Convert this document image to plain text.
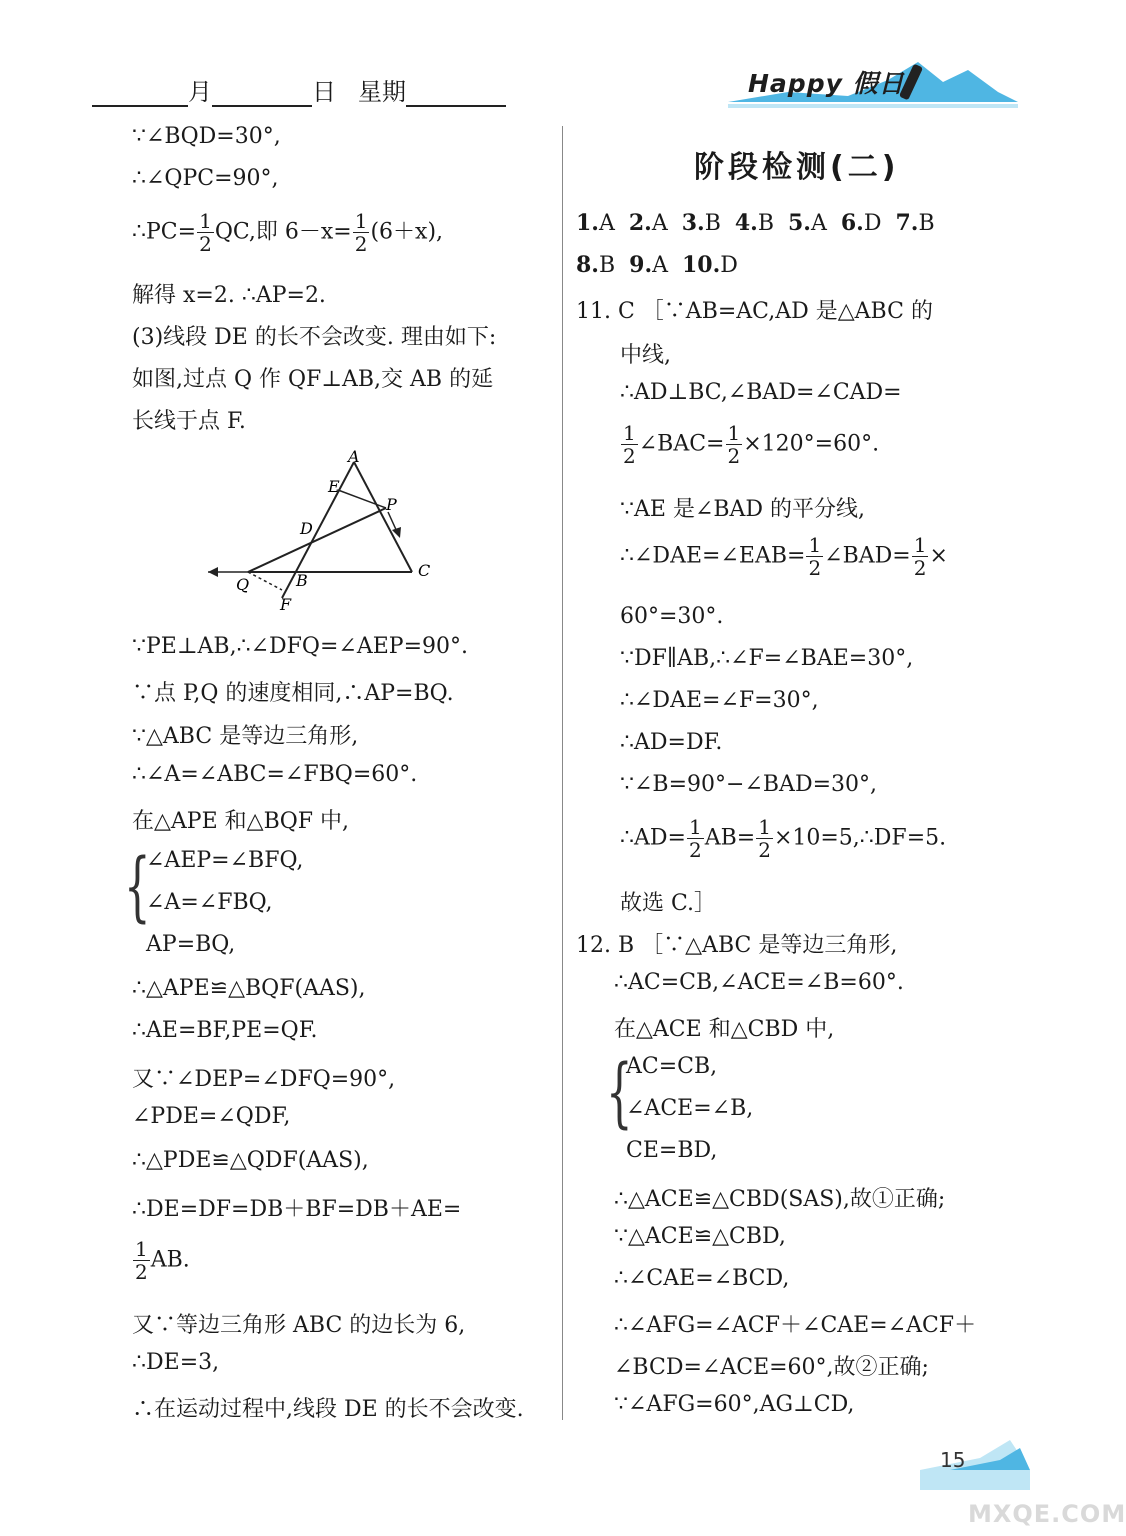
月	日 星期	Happy 假日
∵∠BQD=30°,
∴∠QPC=90°,
∴PC= $\frac{1}{2}$ QC,即 $6-x= \frac{1}{2} (6+x)$,
解得 x=2. ∴AP=2.
(3)线段 DE 的长不会改变. 理由如下:
如图,过点 Q 作 QF⊥AB,交 AB 的延
长线于点 F.
∵PE⊥AB,∴∠DFQ=∠AEP=90°.
∵点 P,Q 的速度相同,∴AP=BQ.
∵△ABC 是等边三角形,
∴∠A=∠ABC=∠FBQ=60°.
在△APE 和△BQF 中,
{
∠AEP=∠BFQ,
∠A=∠FBQ,
AP=BQ,
∴△APE≌△BQF(AAS),
∴AE=BF,PE=QF.
又∵∠DEP=∠DFQ=90°,
∠PDE=∠QDF,
∴△PDE≌△QDF(AAS),
∴DE=DF=DB＋BF=DB＋AE=
$\frac{1}{2}$ AB.
又∵等边三角形 ABC 的边长为 6,
∴DE=3,
∴在运动过程中,线段 DE 的长不会改变.
A
E
P
D
C
Q	B
F
阶段检测(二)
1.A 2.A 3.B 4.B 5.A 6.D 7.B
8.B 9.A 10.D
11. C ［∵AB=AC,AD 是△ABC 的
中线,
∴AD⊥BC,∠BAD=∠CAD=
$\frac{1}{2}$ ∠BAC= $\frac{1}{2} \times 120^\circ=60^\circ$.
∵AE 是∠BAD 的平分线,
∴∠DAE=∠EAB= $\frac{1}{2}$ ∠BAD= $\frac{1}{2}$ ×
60°=30°.
∵DF∥AB,∴∠F=∠BAE=30°,
∴∠DAE=∠F=30°,
∴AD=DF.
∵∠B=90°−∠BAD=30°,
∴AD= $\frac{1}{2} AB= \frac{1}{2}$ ×10=5,∴DF=5.
故选 C.］
12. B ［∵△ABC 是等边三角形,
∴AC=CB,∠ACE=∠B=60°.
在△ACE 和△CBD 中,
{
AC=CB,
∠ACE=∠B,
CE=BD,
∴△ACE≌△CBD(SAS),故①正确;
∵△ACE≌△CBD,
∴∠CAE=∠BCD,
∴∠AFG=∠ACF＋∠CAE=∠ACF＋
∠BCD=∠ACE=60°,故②正确;
∵∠AFG=60°,AG⊥CD,
15
MXQE.COM
